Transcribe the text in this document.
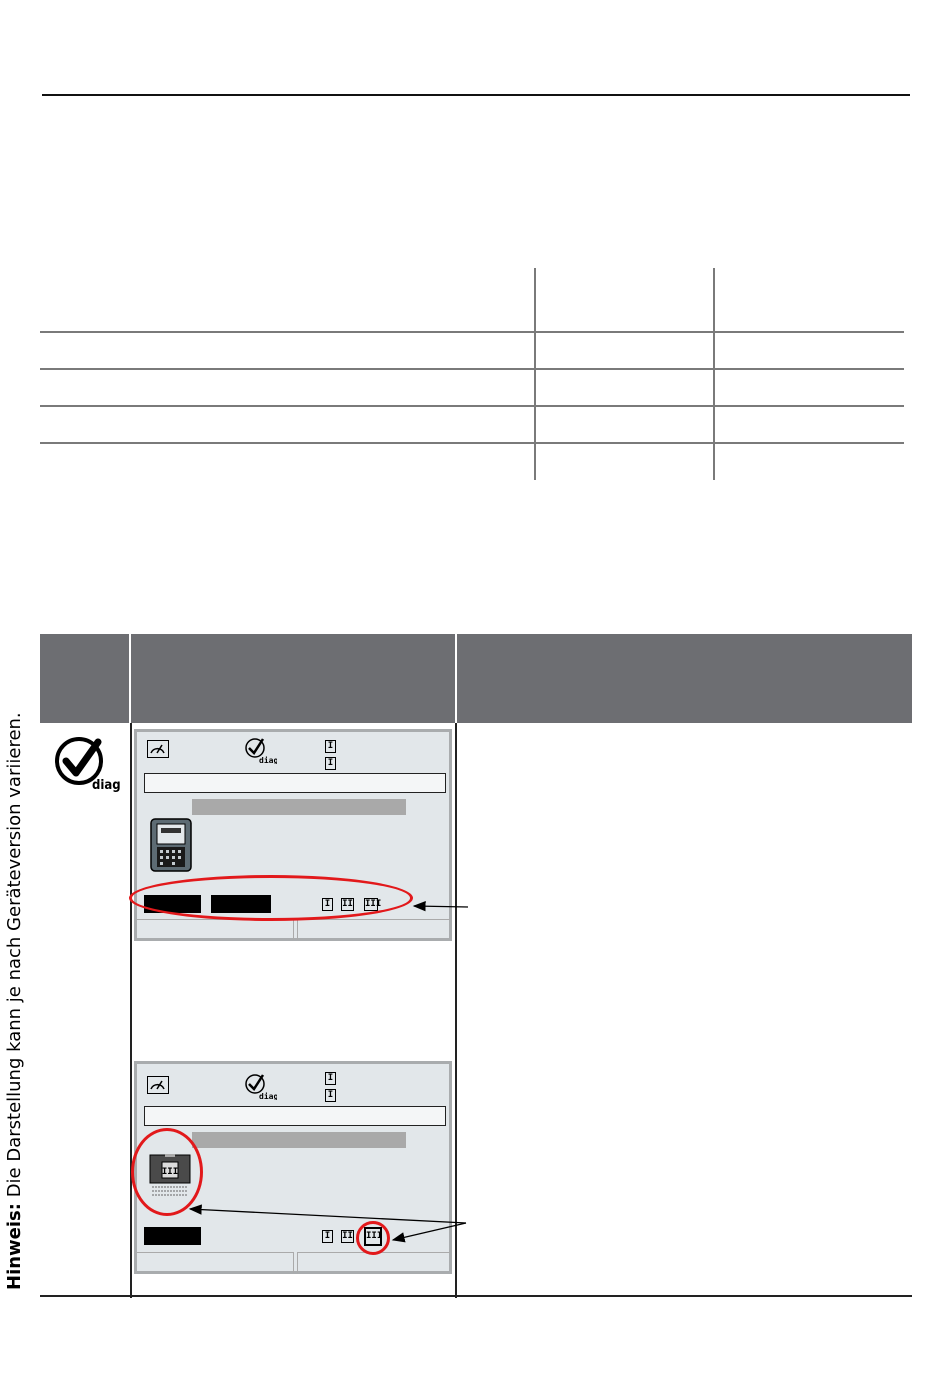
diag
diag
I
I
I	II III
diag
I
I
III
I	II III
Hinweis: Die Darstellung kann je nach Geräteversion variieren.
